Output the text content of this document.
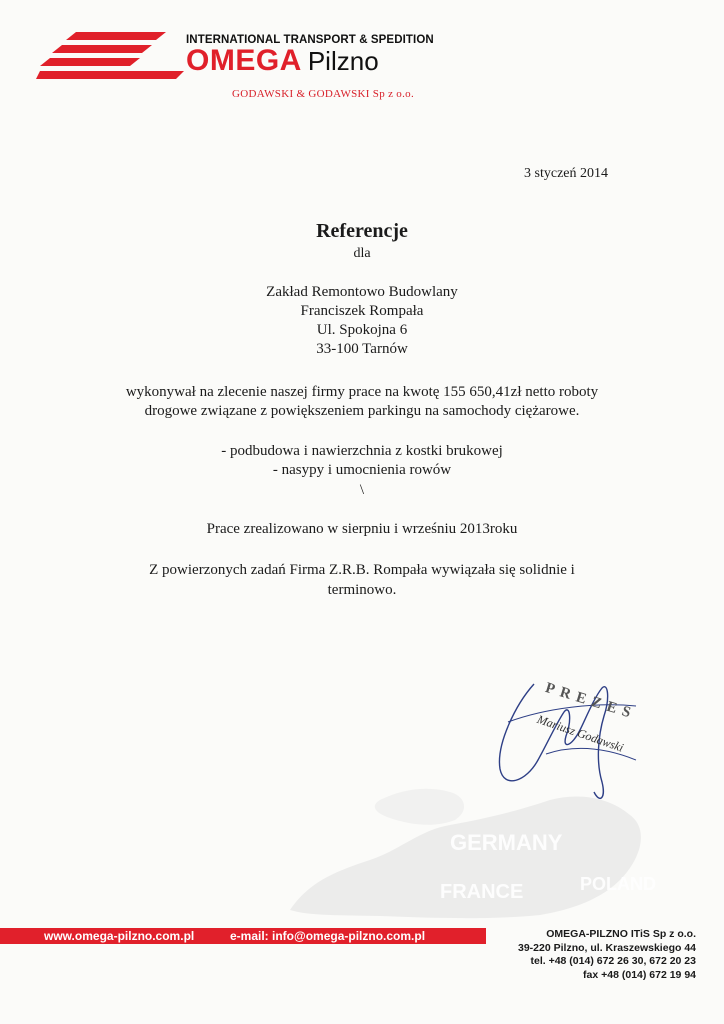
INTERNATIONAL TRANSPORT & SPEDITION
OMEGA Pilzno
GODAWSKI & GODAWSKI Sp z o.o.
3 styczeń 2014
Referencje
dla
Zakład Remontowo Budowlany
Franciszek Rompała
Ul. Spokojna 6
33-100 Tarnów
wykonywał na zlecenie naszej firmy prace na kwotę 155 650,41zł netto roboty
drogowe związane z powiększeniem parkingu na samochody ciężarowe.
- podbudowa i nawierzchnia z kostki brukowej
- nasypy i umocnienia rowów
\
Prace zrealizowano w sierpniu i wrześniu 2013roku
Z powierzonych zadań Firma Z.R.B. Rompała wywiązała się solidnie i
terminowo.
GERMANY
FRANCE	POLAND
PREZES
Mariusz Godawski
www.omega-pilzno.com.pl	e-mail: info@omega-pilzno.com.pl	OMEGA-PILZNO ITiS Sp z o.o.
39-220 Pilzno, ul. Kraszewskiego 44
tel. +48 (014) 672 26 30, 672 20 23
fax +48 (014) 672 19 94
